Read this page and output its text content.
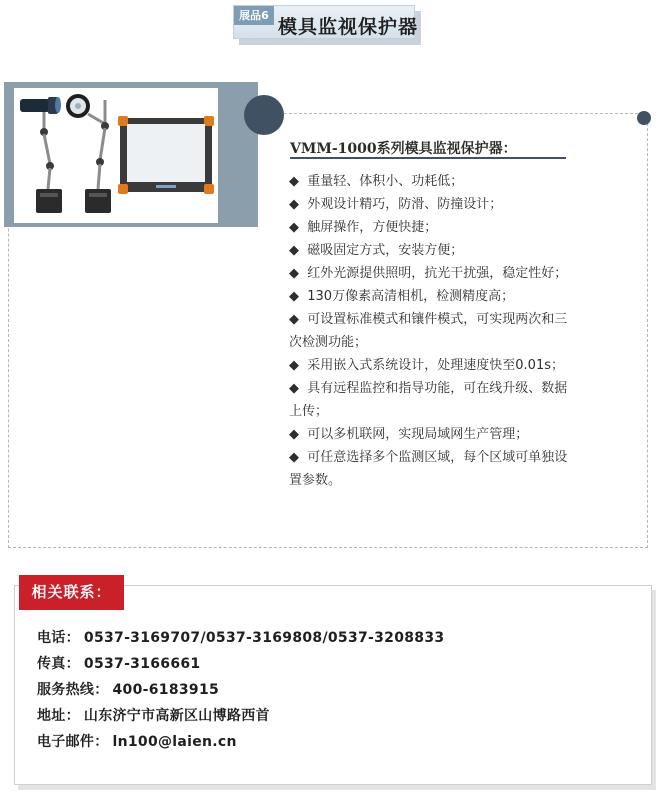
展品6
模具监视保护器
VMM-1000系列模具监视保护器：
◆ 重量轻、体积小、功耗低；
◆ 外观设计精巧，防滑、防撞设计；
◆ 触屏操作，方便快捷；
◆ 磁吸固定方式，安装方便；
◆ 红外光源提供照明，抗光干扰强，稳定性好；
◆ 130万像素高清相机，检测精度高；
◆ 可设置标准模式和镶件模式，可实现两次和三次检测功能；
◆ 采用嵌入式系统设计，处理速度快至0.01s；
◆ 具有远程监控和指导功能，可在线升级、数据上传；
◆ 可以多机联网，实现局域网生产管理；
◆ 可任意选择多个监测区域，每个区域可单独设置参数。
相关联系：
电话： 0537-3169707/0537-3169808/0537-3208833
传真： 0537-3166661
服务热线： 400-6183915
地址： 山东济宁市高新区山博路西首
电子邮件： ln100@laien.cn
